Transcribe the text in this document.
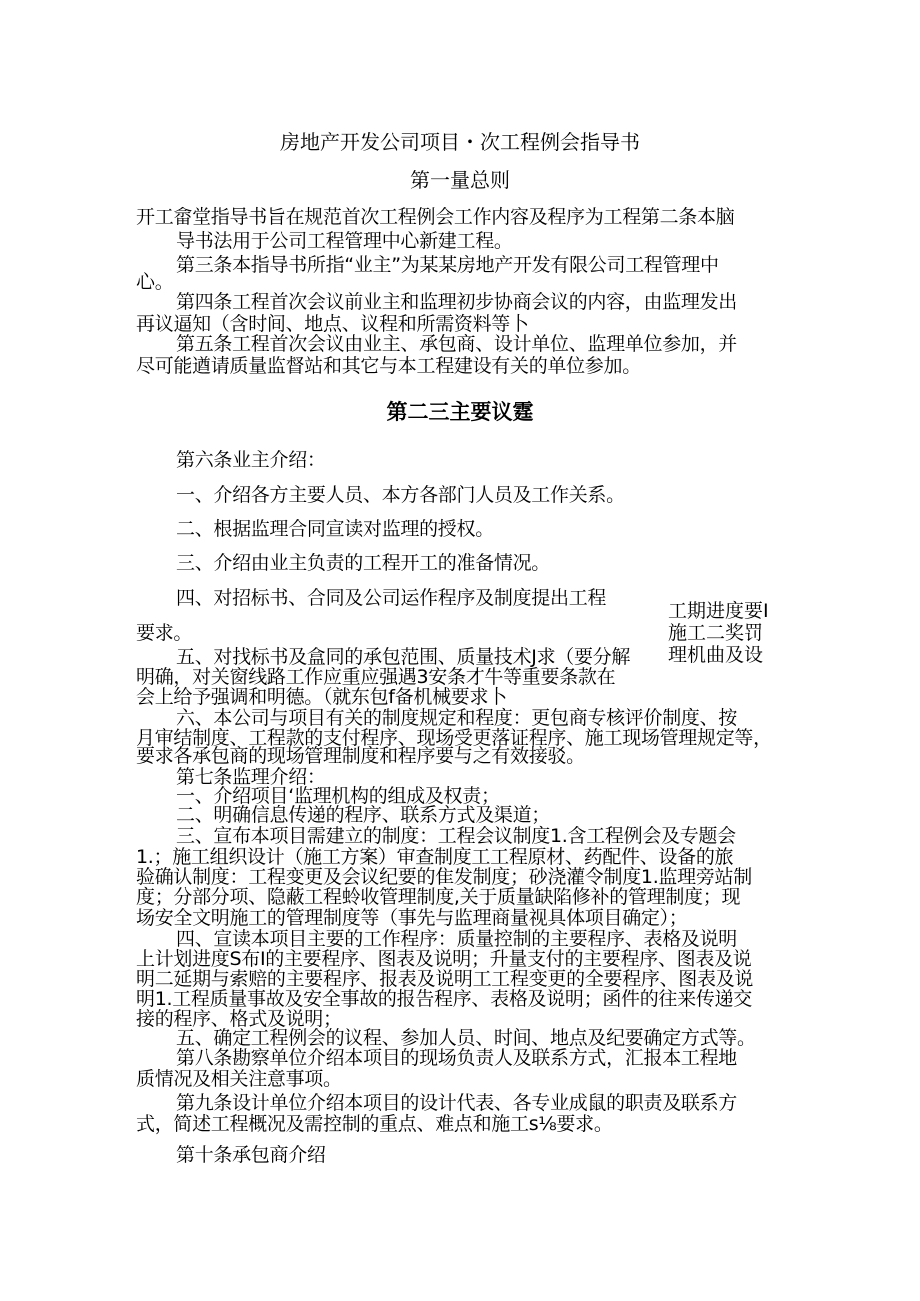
房地产开发公司项目・次工程例会指导书
第一量总则
开工畲堂指导书旨在规范首次工程例会工作内容及程序为工程第二条本脑
导书法用于公司工程管理中心新建工程。
第三条本指导书所指“业主”为某某房地产开发有限公司工程管理中
心。
第四条工程首次会议前业主和监理初步协商会议的内容，由监理发出
再议逼知（含时间、地点、议程和所需资料等卜
第五条工程首次会议由业主、承包商、设计单位、监理单位参加，并
尽可能遒请质量监督站和其它与本工程建设有关的单位参加。
第二三主要议霆
第六条业主介绍：
一、介绍各方主要人员、本方各部门人员及工作关系。
二、根据监理合同宣读对监理的授权。
三、介绍由业主负责的工程开工的准备情况。
四、对招标书、合同及公司运作程序及制度提出工程
要求。
工期进度要I
施工二奖罚
理机曲及设
五、对找标书及盒同的承包范围、质量技术J求（要分解
明确，对关窗线路工作应重应强遇3安条才牛等重要条款在
会上给予强调和明德。（就东包f备机械要求卜
六、本公司与项目有关的制度规定和程度：更包商专核评价制度、按
月审结制度、工程款的支付程序、现场受更落证程序、施工现场管理规定等，
要求各承包商的现场管理制度和程序要与之有效接驳。
第七条监理介绍：
一、介绍项目‘监理机构的组成及权责；
二、明确信息传递的程序、联系方式及渠道；
三、宣布本项目需建立的制度：工程会议制度1.含工程例会及专题会
1.；施工组织设计（施工方案）审查制度工工程原材、药配件、设备的旅
验确认制度：工程变更及会议纪要的隹发制度；砂浇灌令制度1.监理旁站制
度；分部分项、隐蔽工程蛉收管理制度,关于质量缺陷修补的管理制度；现
场安全文明施工的管理制度等（事先与监理商量视具体项目确定）；
四、宣读本项目主要的工作程序：质量控制的主要程序、表格及说明
上计划进度S布I的主要程序、图表及说明；升量支付的主要程序、图表及说
明二延期与索赔的主要程序、报表及说明工工程变更的全要程序、图表及说
明1.工程质量事故及安全事故的报告程序、表格及说明；函件的往来传递交
接的程序、格式及说明；
五、确定工程例会的议程、参加人员、时间、地点及纪要确定方式等。
第八条勘察单位介绍本项目的现场负责人及联系方式，汇报本工程地
质情况及相关注意事项。
第九条设计单位介绍本项目的设计代表、各专业成鼠的职责及联系方
式，简述工程概况及需控制的重点、难点和施工s⅛要求。
第十条承包商介绍
